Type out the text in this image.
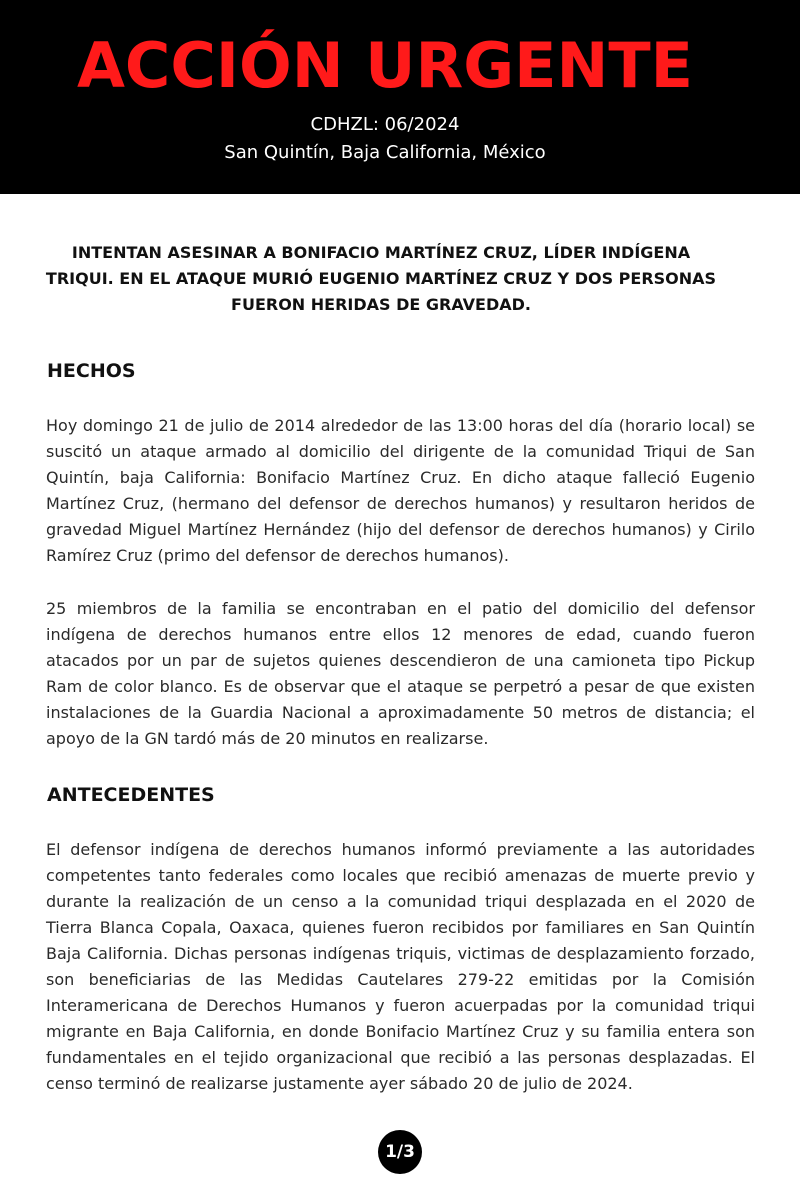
ACCIÓN URGENTE
CDHZL: 06/2024
San Quintín, Baja California, México
INTENTAN ASESINAR A BONIFACIO MARTÍNEZ CRUZ, LÍDER INDÍGENA TRIQUI. EN EL ATAQUE MURIÓ EUGENIO MARTÍNEZ CRUZ Y DOS PERSONAS FUERON HERIDAS DE GRAVEDAD.
HECHOS

Hoy domingo 21 de julio de 2014 alrededor de las 13:00 horas del día (horario local) se suscitó un ataque armado al domicilio del dirigente de la comunidad Triqui de San Quintín, baja California: Bonifacio Martínez Cruz. En dicho ataque falleció Eugenio Martínez Cruz, (hermano del defensor de derechos humanos) y resultaron heridos de gravedad Miguel Martínez Hernández (hijo del defensor de derechos humanos) y Cirilo Ramírez Cruz (primo del defensor de derechos humanos).

25 miembros de la familia se encontraban en el patio del domicilio del defensor indígena de derechos humanos entre ellos 12 menores de edad, cuando fueron atacados por un par de sujetos quienes descendieron de una camioneta tipo Pickup Ram de color blanco. Es de observar que el ataque se perpetró a pesar de que existen instalaciones de la Guardia Nacional a aproximadamente 50 metros de distancia; el apoyo de la GN tardó más de 20 minutos en realizarse.

ANTECEDENTES

El defensor indígena de derechos humanos informó previamente a las autoridades competentes tanto federales como locales que recibió amenazas de muerte previo y durante la realización de un censo a la comunidad triqui desplazada en el 2020 de Tierra Blanca Copala, Oaxaca, quienes fueron recibidos por familiares en San Quintín Baja California. Dichas personas indígenas triquis, victimas de desplazamiento forzado, son beneficiarias de las Medidas Cautelares 279-22 emitidas por la Comisión Interamericana de Derechos Humanos y fueron acuerpadas por la comunidad triqui migrante en Baja California, en donde Bonifacio Martínez Cruz y su familia entera son fundamentales en el tejido organizacional que recibió a las personas desplazadas. El censo terminó de realizarse justamente ayer sábado 20 de julio de 2024.

1/3
